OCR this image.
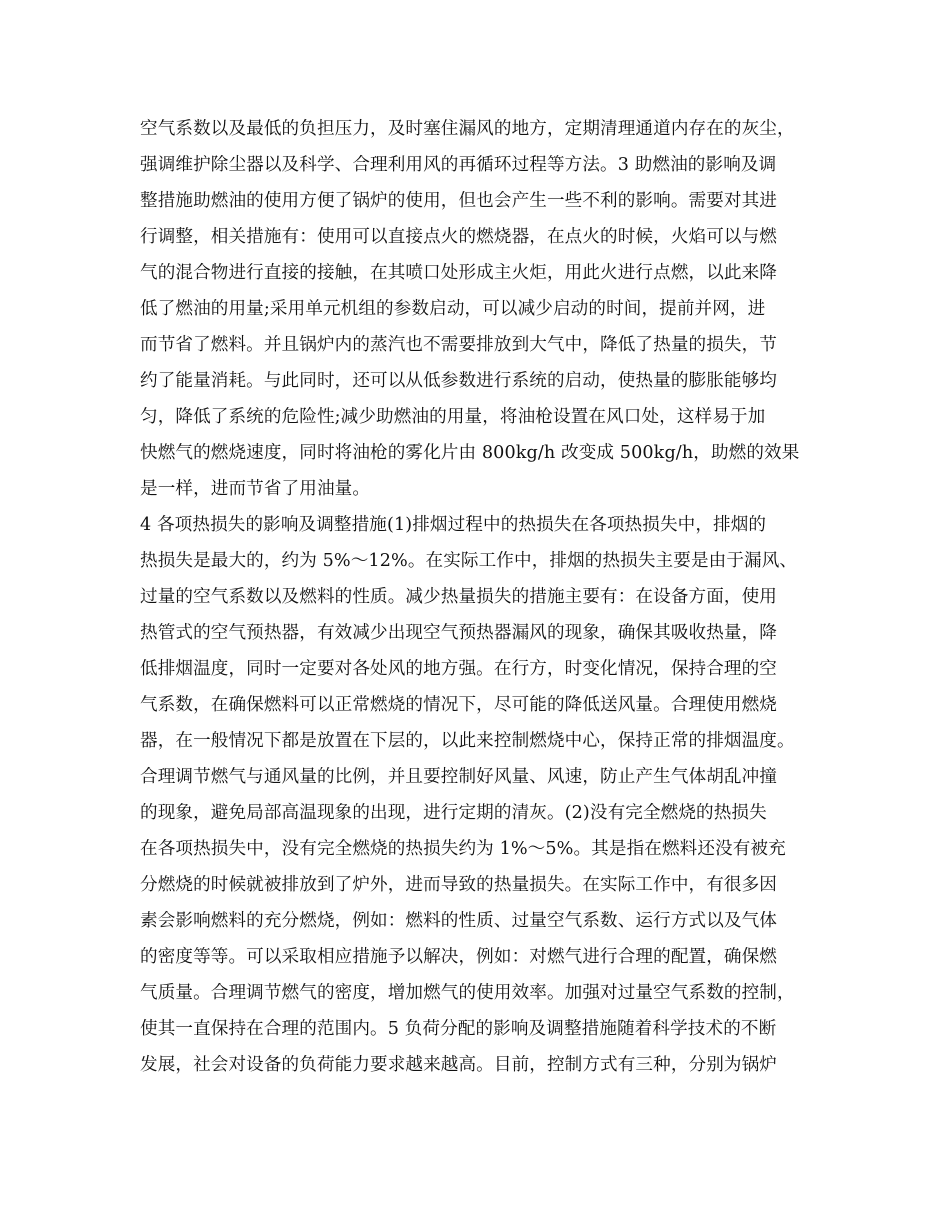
空气系数以及最低的负担压力，及时塞住漏风的地方，定期清理通道内存在的灰尘，
强调维护除尘器以及科学、合理利用风的再循环过程等方法。3 助燃油的影响及调
整措施助燃油的使用方便了锅炉的使用，但也会产生一些不利的影响。需要对其进
行调整，相关措施有：使用可以直接点火的燃烧器，在点火的时候，火焰可以与燃
气的混合物进行直接的接触，在其喷口处形成主火炬，用此火进行点燃，以此来降
低了燃油的用量;采用单元机组的参数启动，可以减少启动的时间，提前并网，进
而节省了燃料。并且锅炉内的蒸汽也不需要排放到大气中，降低了热量的损失，节
约了能量消耗。与此同时，还可以从低参数进行系统的启动，使热量的膨胀能够均
匀，降低了系统的危险性;减少助燃油的用量，将油枪设置在风口处，这样易于加
快燃气的燃烧速度，同时将油枪的雾化片由 800kg/h 改变成 500kg/h，助燃的效果
是一样，进而节省了用油量。
4 各项热损失的影响及调整措施(1)排烟过程中的热损失在各项热损失中，排烟的
热损失是最大的，约为 5%～12%。在实际工作中，排烟的热损失主要是由于漏风、
过量的空气系数以及燃料的性质。减少热量损失的措施主要有：在设备方面，使用
热管式的空气预热器，有效减少出现空气预热器漏风的现象，确保其吸收热量，降
低排烟温度，同时一定要对各处风的地方强。在行方，时变化情况，保持合理的空
气系数，在确保燃料可以正常燃烧的情况下，尽可能的降低送风量。合理使用燃烧
器，在一般情况下都是放置在下层的，以此来控制燃烧中心，保持正常的排烟温度。
合理调节燃气与通风量的比例，并且要控制好风量、风速，防止产生气体胡乱冲撞
的现象，避免局部高温现象的出现，进行定期的清灰。(2)没有完全燃烧的热损失
在各项热损失中，没有完全燃烧的热损失约为 1%～5%。其是指在燃料还没有被充
分燃烧的时候就被排放到了炉外，进而导致的热量损失。在实际工作中，有很多因
素会影响燃料的充分燃烧，例如：燃料的性质、过量空气系数、运行方式以及气体
的密度等等。可以采取相应措施予以解决，例如：对燃气进行合理的配置，确保燃
气质量。合理调节燃气的密度，增加燃气的使用效率。加强对过量空气系数的控制，
使其一直保持在合理的范围内。5 负荷分配的影响及调整措施随着科学技术的不断
发展，社会对设备的负荷能力要求越来越高。目前，控制方式有三种，分别为锅炉
